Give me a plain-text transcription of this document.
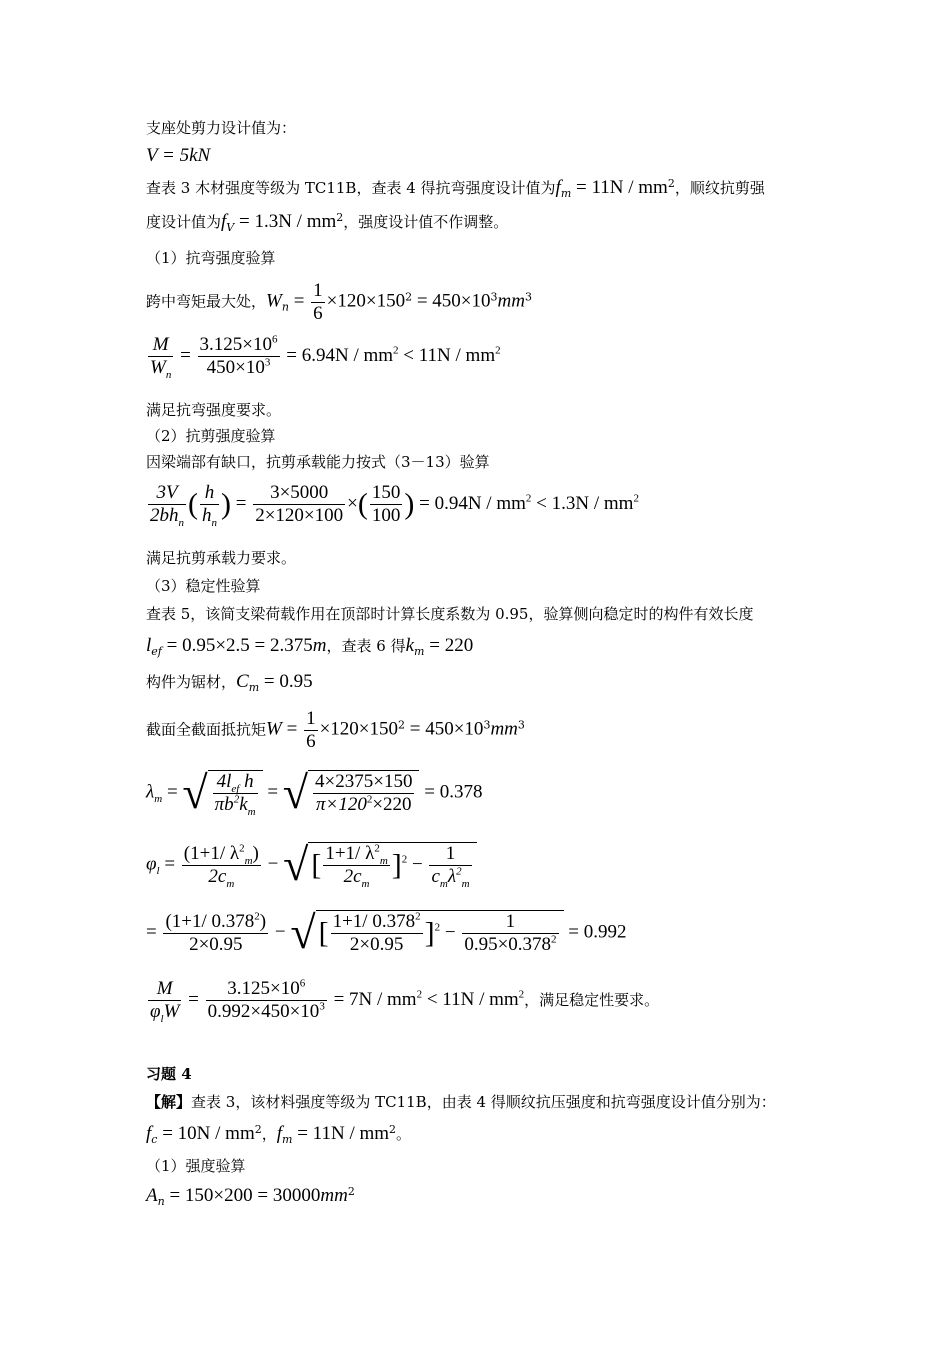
支座处剪力设计值为：
V = 5kN
查表 3 木材强度等级为 TC11B，查表 4 得抗弯强度设计值为$f_m = 11N / mm^2$，顺纹抗剪强
度设计值为$f_V = 1.3N / mm^2$，强度设计值不作调整。
（1）抗弯强度验算
跨中弯矩最大处，$W_n = \frac{1}{6} \times 120\times 150^2 = 450\times 10^3mm^3$
$\frac{M}{W_n} = \frac{3.125\times 10^6}{450\times 10^3} = 6.94N / mm^2 < 11N / mm^2$
满足抗弯强度要求。
（2）抗剪强度验算
因梁端部有缺口，抗剪承载能力按式（3－13）验算
$\frac{3V}{2bh_n}$ ( $\frac{h}{h_n}$ ) = $\frac{3\times 5000}{2\times 120\times 100}$ ×( $\frac{150}{100}$ ) = $0.94N / mm^2 < 1.3N / mm^2$
满足抗剪承载力要求。
（3）稳定性验算
查表 5，该简支梁荷载作用在顶部时计算长度系数为 0.95，验算侧向稳定时的构件有效长度
$l_{ef} = 0.95\times 2.5 = 2.375m$，查表 6 得$k_m = 220$
构件为锯材，$C_m = 0.95$
截面全截面抵抗矩$W = \frac{1}{6} \times 120\times 150^2 = 450\times 10^3mm^3$
$\lambda_m$ = √ $\frac{4l_{ef} h}{\pi b^2k_m}$ = √ $\frac{4\times 2375\times 150}{\pi\times 120^2\times 220} = 0.378$
$\varphi_l = \frac{(1+1/ \lambda^2_m)}{2c_m}$ − √ [ $\frac{1+1/ \lambda^2_m}{2c_m} ]^2 - \frac{1}{c_m\lambda^2_m}$
= $\frac{(1+1/ 0.378^2)}{2\times 0.95}$ − √ [ $\frac{1+1/ 0.378^2}{2\times 0.95} ]^2 - \frac{1}{0.95\times 0.378^2} = 0.992$
$\frac{M}{\varphi_lW} = \frac{3.125\times 10^6}{0.992\times 450\times 10^3} = 7N / mm^2 < 11N / mm^2$，满足稳定性要求。
习题 4
【解】查表 3，该材料强度等级为 TC11B，由表 4 得顺纹抗压强度和抗弯强度设计值分别为：
$f_c = 10N / mm^2$，$f_m = 11N / mm^2$。
（1）强度验算
$A_n = 150\times 200 = 30000mm^2$
